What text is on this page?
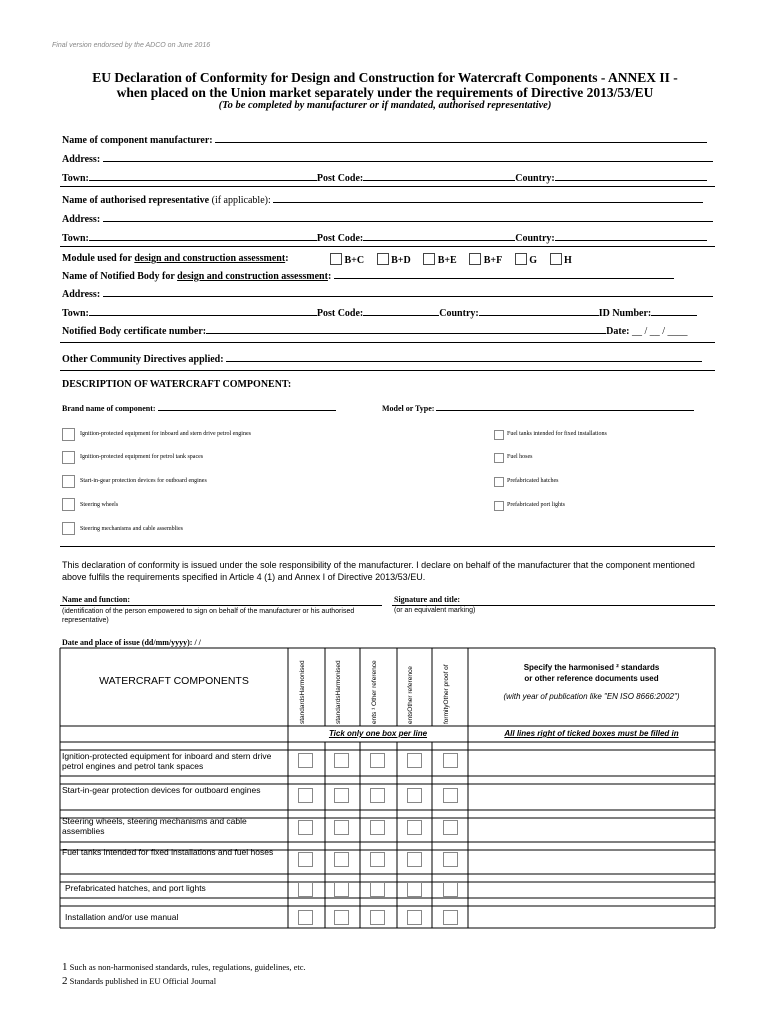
Final version endorsed by the ADCO on June 2016
EU Declaration of Conformity for Design and Construction for Watercraft Components - ANNEX II -
when placed on the Union market separately under the requirements of Directive 2013/53/EU
(To be completed by manufacturer or if mandated, authorised representative)
Name of component manufacturer:
Address:
Town:	Post Code:	Country:
Name of authorised representative (if applicable):
Address:
Town:	Post Code:	Country:
Module used for design and construction assessment:	B+C	B+D	B+E	B+F	G	H
Name of Notified Body for design and construction assessment:
Address:
Town:	Post Code:	Country:	ID Number:
Notified Body certificate number:	Date: __ / __ / ____
Other Community Directives applied:
DESCRIPTION OF WATERCRAFT COMPONENT:
Brand name of component:	Model or Type:
Ignition-protected equipment for inboard and stern drive petrol engines
Ignition-protected equipment for petrol tank spaces
Start-in-gear protection devices for outboard engines
Steering wheels
Steering mechanisms and cable assemblies
Fuel tanks intended for fixed installations
Fuel hoses
Prefabricated hatches
Prefabricated port lights
This declaration of conformity is issued under the sole responsibility of the manufacturer. I declare on behalf of the manufacturer that the component mentioned above fulfils the requirements specified in Article 4 (1) and Annex I of Directive 2013/53/EU.
Name and function:	Signature and title:
(identification of the person empowered to sign on behalf of the manufacturer or his authorised representative)
(or an equivalent marking)
Date and place of issue (dd/mm/yyyy): / /
WATERCRAFT COMPONENTS	standardsHarmonised	standardsHarmonised	ents ¹ Other reference	entsOther reference	formityOther proof of	Specify the harmonised ² standards
or other reference documents used
(with year of publication like "EN ISO 8666:2002")
Tick only one box per line	All lines right of ticked boxes must be filled in
Ignition-protected equipment for inboard and stern drive petrol engines and petrol tank spaces
Start-in-gear protection devices for outboard engines
Steering wheels, steering mechanisms and cable assemblies
Fuel tanks intended for fixed installations and fuel hoses
Prefabricated hatches, and port lights
Installation and/or use manual
1 Such as non-harmonised standards, rules, regulations, guidelines, etc.
2 Standards published in EU Official Journal
